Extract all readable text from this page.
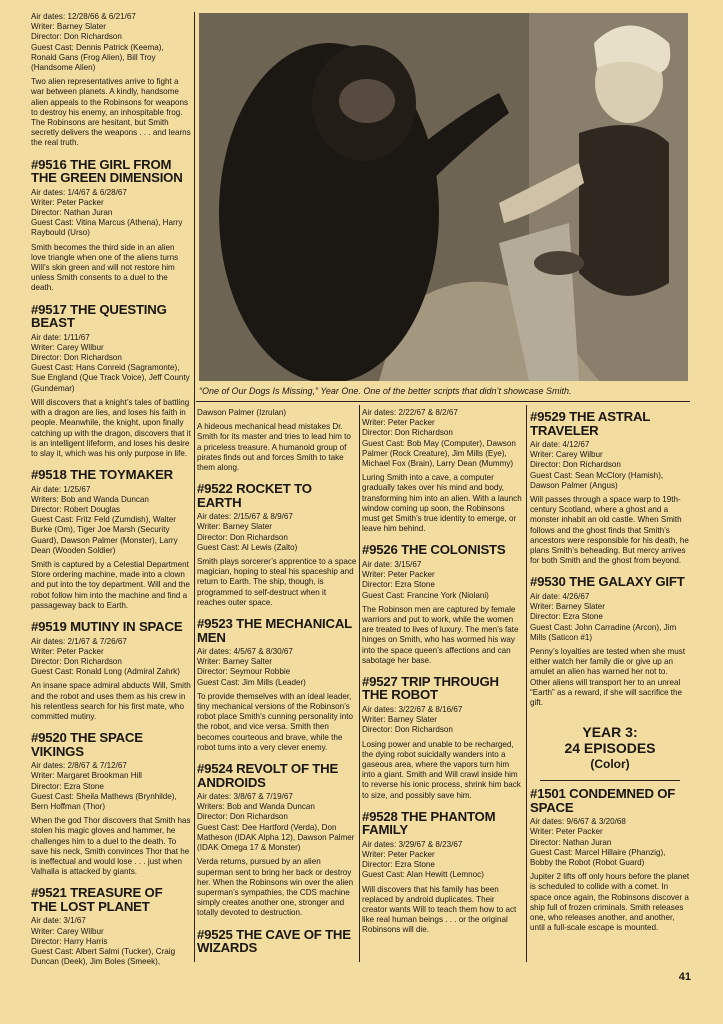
Air dates: 12/28/66 & 6/21/67
Writer: Barney Slater
Director: Don Richardson
Guest Cast: Dennis Patrick (Keema), Ronald Gans (Frog Alien), Bill Troy (Handsome Alien)

Two alien representatives arrive to fight a war between planets. A kindly, handsome alien appeals to the Robinsons for weapons to destroy his enemy, an inhospitable frog. The Robinsons are hesitant, but Smith secretly delivers the weapons . . . and learns the real truth.

#9516 THE GIRL FROM THE GREEN DIMENSION
Air dates: 1/4/67 & 6/28/67
Writer: Peter Packer
Director: Nathan Juran
Guest Cast: Vitina Marcus (Athena), Harry Raybould (Urso)

Smith becomes the third side in an alien love triangle when one of the aliens turns Will’s skin green and will not restore him unless Smith consents to a duel to the death.

#9517 THE QUESTING BEAST
Air date: 1/11/67
Writer: Carey Wilbur
Director: Don Richardson
Guest Cast: Hans Conreid (Sagramonte), Sue England (Que Track Voice), Jeff County (Gundemar)

Will discovers that a knight’s tales of battling with a dragon are lies, and loses his faith in people. Meanwhile, the knight, upon finally catching up with the dragon, discovers that it is an intelligent lifeform, and loses his desire to slay it, which was his only purpose in life.

#9518 THE TOYMAKER
Air date: 1/25/67
Writers: Bob and Wanda Duncan
Director: Robert Douglas
Guest Cast: Fritz Feld (Zumdish), Walter Burke (Om), Tiger Joe Marsh (Security Guard), Dawson Palmer (Monster), Larry Dean (Wooden Soldier)

Smith is captured by a Celestial Department Store ordering machine, made into a clown and put into the toy department. Will and the robot follow him into the machine and find a passageway back to Earth.

#9519 MUTINY IN SPACE
Air dates: 2/1/67 & 7/26/67
Writer: Peter Packer
Director: Don Richardson
Guest Cast: Ronald Long (Admiral Zahrk)

An insane space admiral abducts Will, Smith and the robot and uses them as his crew in his relentless search for his first mate, who committed mutiny.

#9520 THE SPACE VIKINGS
Air dates: 2/8/67 & 7/12/67
Writer: Margaret Brookman Hill
Director: Ezra Stone
Guest Cast: Sheila Mathews (Brynhilde), Bern Hoffman (Thor)

When the god Thor discovers that Smith has stolen his magic gloves and hammer, he challenges him to a duel to the death. To save his neck, Smith convinces Thor that he is ineffectual and would lose . . . just when Valhalla is attacked by giants.

#9521 TREASURE OF THE LOST PLANET
Air date: 3/1/67
Writer: Carey Wilbur
Director: Harry Harris
Guest Cast: Albert Salmi (Tucker), Craig Duncan (Deek), Jim Boles (Smeek),
“One of Our Dogs Is Missing,” Year One. One of the better scripts that didn’t showcase Smith.
Dawson Palmer (Izrulan)

A hideous mechanical head mistakes Dr. Smith for its master and tries to lead him to a priceless treasure. A humanoid group of pirates finds out and forces Smith to take them along.

#9522 ROCKET TO EARTH
Air dates: 2/15/67 & 8/9/67
Writer: Barney Slater
Director: Don Richardson
Guest Cast: Al Lewis (Zalto)

Smith plays sorcerer’s apprentice to a space magician, hoping to steal his spaceship and return to Earth. The ship, though, is programmed to self-destruct when it reaches outer space.

#9523 THE MECHANICAL MEN
Air dates: 4/5/67 & 8/30/67
Writer: Barney Salter
Director: Seymour Robbie
Guest Cast: Jim Mills (Leader)

To provide themselves with an ideal leader, tiny mechanical versions of the Robinson’s robot place Smith’s cunning personality into the robot, and vice versa. Smith then becomes courteous and brave, while the robot turns into a very clever enemy.

#9524 REVOLT OF THE ANDROIDS
Air dates: 3/8/67 & 7/19/67
Writers: Bob and Wanda Duncan
Director: Don Richardson
Guest Cast: Dee Hartford (Verda), Don Matheson (IDAK Alpha 12), Dawson Palmer (IDAK Omega 17 & Monster)

Verda returns, pursued by an alien superman sent to bring her back or destroy her. When the Robinsons win over the alien superman’s sympathies, the CDS machine simply creates another one, stronger and totally devoted to destruction.

#9525 THE CAVE OF THE WIZARDS
Air dates: 2/22/67 & 8/2/67
Writer: Peter Packer
Director: Don Richardson
Guest Cast: Bob May (Computer), Dawson Palmer (Rock Creature), Jim Mills (Eye), Michael Fox (Brain), Larry Dean (Mummy)

Luring Smith into a cave, a computer gradually takes over his mind and body, transforming him into an alien. With a launch window coming up soon, the Robinsons must get Smith’s true identity to emerge, or leave him behind.

#9526 THE COLONISTS
Air date: 3/15/67
Writer: Peter Packer
Director: Ezra Stone
Guest Cast: Francine York (Niolani)

The Robinson men are captured by female warriors and put to work, while the women are treated to lives of luxury. The men’s fate hinges on Smith, who has wormed his way into the space queen’s affections and can sabotage her base.

#9527 TRIP THROUGH THE ROBOT
Air dates: 3/22/67 & 8/16/67
Writer: Barney Slater
Director: Don Richardson

Losing power and unable to be recharged, the dying robot suicidally wanders into a gaseous area, where the vapors turn him into a giant. Smith and Will crawl inside him to reverse his ionic process, shrink him back to size, and possibly save him.

#9528 THE PHANTOM FAMILY
Air dates: 3/29/67 & 8/23/67
Writer: Peter Packer
Director: Ezra Stone
Guest Cast: Alan Hewitt (Lemnoc)

Will discovers that his family has been replaced by android duplicates. Their creator wants Will to teach them how to act like real human beings . . . or the original Robinsons will die.

#9529 THE ASTRAL TRAVELER
Air date: 4/12/67
Writer: Carey Wilbur
Director: Don Richardson
Guest Cast: Sean McClory (Hamish), Dawson Palmer (Angus)

Will passes through a space warp to 19th-century Scotland, where a ghost and a monster inhabit an old castle. When Smith follows and the ghost finds that Smith’s ancestors were responsible for his death, he plans Smith’s beheading. But mercy arrives for both Smith and the ghost from beyond.

#9530 THE GALAXY GIFT
Air date: 4/26/67
Writer: Barney Slater
Director: Ezra Stone
Guest Cast: John Carradine (Arcon), Jim Mills (Saticon #1)

Penny’s loyalties are tested when she must either watch her family die or give up an amulet an alien has warned her not to. Other aliens will transport her to an unreal “Earth” as a reward, if she will sacrifice the gift.

YEAR 3:
24 EPISODES
(Color)
#1501 CONDEMNED OF SPACE
Air dates: 9/6/67 & 3/20/68
Writer: Peter Packer
Director: Nathan Juran
Guest Cast: Marcel Hillaire (Phanzig), Bobby the Robot (Robot Guard)

Jupiter 2 lifts off only hours before the planet is scheduled to collide with a comet. In space once again, the Robinsons discover a ship full of frozen criminals. Smith releases one, who releases another, and another, until a full-scale escape is mounted.

41
